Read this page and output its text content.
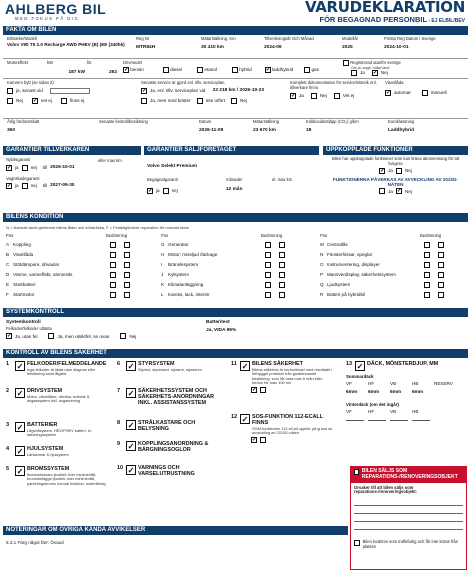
AHLBERG BIL
MED FOKUS PÅ DIG
VARUDEKLARATION
FÖR BEGAGNAD PERSONBIL - EJ ELBIL/BEV
FAKTA OM BILEN
Bilmärke/Modell
Volvo V90 T6 2.0 Recharge AWD PHEV (B) (EE (340hk)
Reg Nr
MTR84H
Mätarställning, Km
30 410 km
Tillverkningsår Och Månad
2024-09
Modellår
2025
Första Reg Datum i Sverige
2024-10-01
Motoreffekt	kW
187 kW
hk
262
Drivmedel
✓
bensin
	diesel
	etanol
	hybrid	✓
laddhybrid
	gas

Registrerad utanför sverige
Om ja, ange i vilket land
Ja ✓ Nej
Kamrem bytt (se sidan 2)
ja, senast vid
Nej ✓ vet ej	finns ej
Senaste service är gjord enl. tillv. serviceplan
✓ Ja, enl. tillv. serviceplan vid
23 218 km / 2026-10-23
Ja, men med brister	Inte utfört	Nej
Komplett dokumentation för servicehistorik enl. tillverkare finns
✓ Ja	Nej	Vet ej
Växellåda
✓ automat	manuell
Årlig fordonsskatt
360
Senaste kontrollbesiktning	Datum
2026-11-08
Mätarställning
23 670 km
Koldioxidutsläpp (CO₂) g/km
18
Euroklassning
Laddhybrid
GARANTIER TILLVERKAREN	GARANTIER SÄLJFÖRETAGET	UPPKOPPLADE FUNKTIONER
Nybilsgaranti
✓ ja	nej till 2026-10-01
eller max km
Vagnskadegaranti
✓ ja	nej till 2027-09-30
Volvo Selekt Premium
Begagnatgaranti
✓ ja	nej
månader
12 mån
el. max km
Bilen har uppkopplade funktioner som kan kräva abonnemang för att fungera
✓ Ja	Nej
FUNKTIONERNA PÅVERKAS AV AVVECKLING AV 2G/3G-NÄTEN
Ja ✓ Nej
BILENS KONDITION
N = Normalt skick gentemot bilens ålder och körsträcka, F = Felaktig/kräver reparation för normalt skick
Pos	Bedömning	Pos	Bedömning	Pos	Bedömning
A Koppling
B Växellåda
C Stötdämpare, drivaxlar
D Värme, varmefläkt, värmesits
E Startbatteri
F Startmotor
G Generator
H Motor: missljud /läckage
I	Bränslesystem
J	Kylsystem
K Klimatanläggning
L Kaross, lack, interiör
M Centrallås
N Fönsterhissar, speglar
O Instrumentering, displayer
P Manöverdisplay, säkerhetssystem
Q Ljudsystem
R Batteri på hybridbil
SYSTEMKONTROLL
Systemkontroll
Felkoder/felkoder utlästa
✓ Ja, utan fel	Ja, men utsiktfel, se ovan	Nej
Batteritest
Ja, VIDA 99%
KONTROLL AV BILENS SÄKERHET
1 ✓ FELKODER/FELMEDDELANDE
Inga felkoder är lästa utan diagnos eller felsökning samt åtgärd
2 ✓ DRIVSYSTEM
Motor, växellådor, drivlina, bränsle & avgassystem inkl. avgasrening
3 ✓ BATTERIER
Lågvoltsystem, HEV/PHEV batteri, el. laddningssystem
4 ✓ HJULSYSTEM
Länkarmar & hjulsystem
5 ✓ BROMSSYSTEM
Bromsklossars tjocklek över minimimått, bromsbeläggs tjocklek över minimimått, parkeringsbroms normal funktion, noderfärdig
6 ✓ STYRSYSTEM
Styrled, styrstavel, styrarm, styrservo
7 ✓ SÄKERHETSSYSTEM OCH SÄKERHETS-ANORDNINGAR INKL. ASSISTANSSYSTEM
8 ✓ STRÅLKASTARE OCH BELYSNING
9 ✓ KOPPLINGSANORDNING & BÄRGNINGSOGLOR
10 ✓ VARNINGS OCH VARSELUTRUSTNING
11 ✓ BILENS SÄKERHET
Bilens säkerhet är kontrollerad med resultatet i förbygget protokoll från godkännande besiktning, som får vara max 6 mån eller fordon för max 100 mil
✓
12 ✓ SOS-FUNKTION 112-ECALL FINNS
GSM-funktionen 112-eCall upphör på grund av avveckling av 2G/3G-näten
✓
13 ✓ DÄCK, MÖNSTERDJUP, MM
Sommardäck
VF	HF	VB	HB	RESERV
6mm	6mm	6mm	6mm
Vinterdäck (om det ingår)
VF	HF	VB	HB
BILEN SÄLJS SOM REPARATIONS-/RENOVERINGSOBJEKT
Orsaker till att bilen säljs som reparations-/renoveringsobjekt:
Bilen bedöms som trafikfarlig och får inte köras från platsen
NOTERINGAR OM ÖVRIGA KÄNDA AVVIKELSER
6.3.1 Färg något färr: Övaxd
